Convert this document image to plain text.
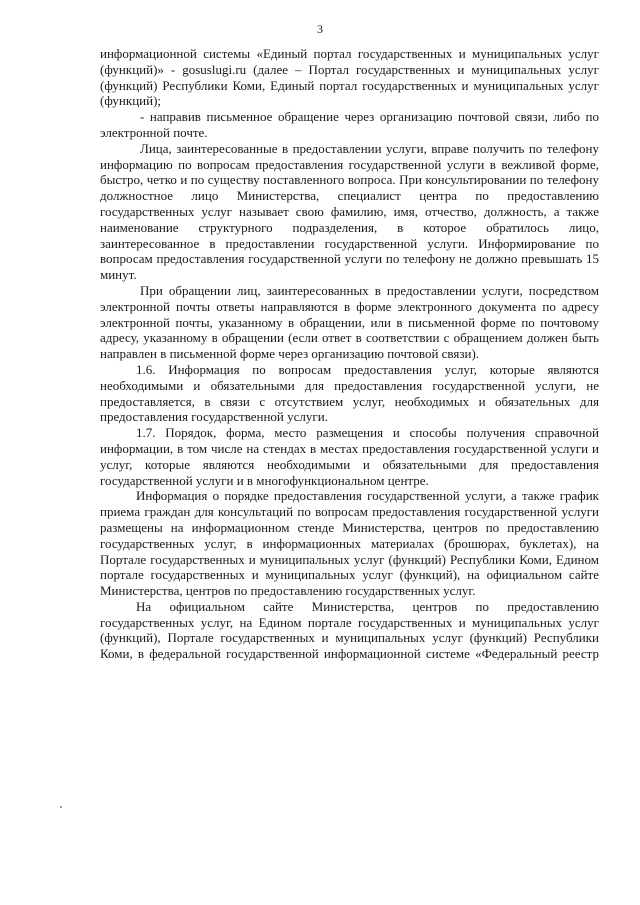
3

информационной системы «Единый портал государственных и муниципальных услуг (функций)» - gosuslugi.ru (далее – Портал государственных и муниципальных услуг (функций) Республики Коми, Единый портал государственных и муниципальных услуг (функций);

- направив письменное обращение через организацию почтовой связи, либо по электронной почте.

Лица, заинтересованные в предоставлении услуги, вправе получить по телефону информацию по вопросам предоставления государственной услуги в вежливой форме, быстро, четко и по существу поставленного вопроса. При консультировании по телефону должностное лицо Министерства, специалист центра по предоставлению государственных услуг называет свою фамилию, имя, отчество, должность, а также наименование структурного подразделения, в которое обратилось лицо, заинтересованное в предоставлении государственной услуги. Информирование по вопросам предоставления государственной услуги по телефону не должно превышать 15 минут.

При обращении лиц, заинтересованных в предоставлении услуги, посредством электронной почты ответы направляются в форме электронного документа по адресу электронной почты, указанному в обращении, или в письменной форме по почтовому адресу, указанному в обращении (если ответ в соответствии с обращением должен быть направлен в письменной форме через организацию почтовой связи).

1.6. Информация по вопросам предоставления услуг, которые являются необходимыми и обязательными для предоставления государственной услуги, не предоставляется, в связи с отсутствием услуг, необходимых и обязательных для предоставления государственной услуги.

1.7. Порядок, форма, место размещения и способы получения справочной информации, в том числе на стендах в местах предоставления государственной услуги и услуг, которые являются необходимыми и обязательными для предоставления государственной услуги и в многофункциональном центре.

Информация о порядке предоставления государственной услуги, а также график приема граждан для консультаций по вопросам предоставления государственной услуги размещены на информационном стенде Министерства, центров по предоставлению государственных услуг, в информационных материалах (брошюрах, буклетах), на Портале государственных и муниципальных услуг (функций) Республики Коми, Едином портале государственных и муниципальных услуг (функций), на официальном сайте Министерства, центров по предоставлению государственных услуг.

На официальном сайте Министерства, центров по предоставлению государственных услуг, на Едином портале государственных и муниципальных услуг (функций), Портале государственных и муниципальных услуг (функций) Республики Коми, в федеральной государственной информационной системе «Федеральный реестр
